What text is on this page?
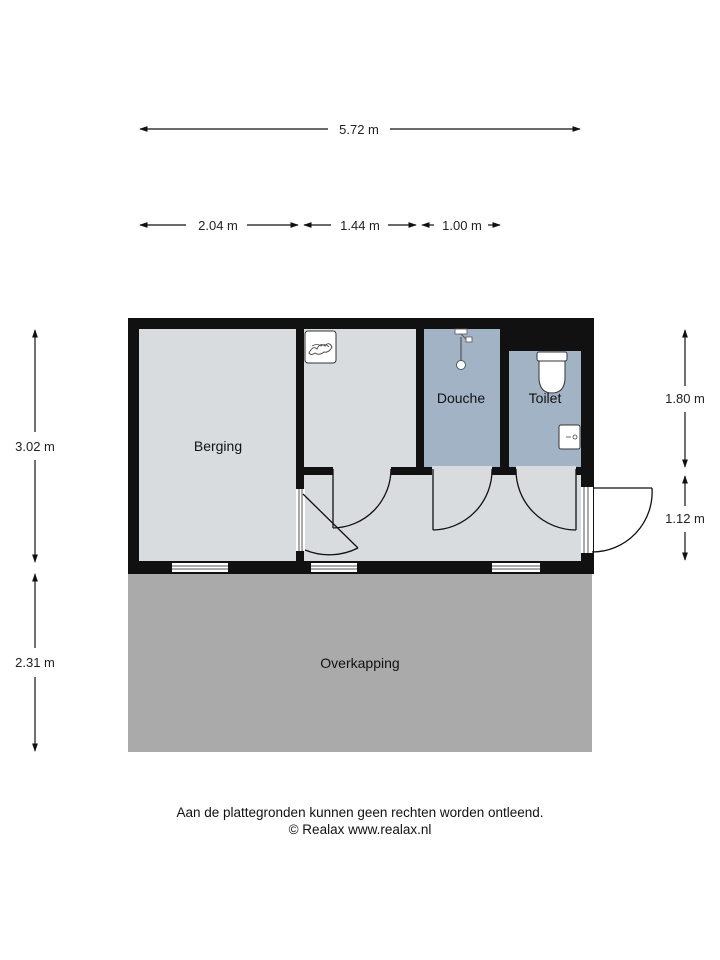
5.72 m
2.04 m	1.44 m	1.00 m
3.02 m
2.31 m
1.80 m
1.12 m
Berging
Douche	Toilet
Overkapping
Aan de plattegronden kunnen geen rechten worden ontleend.
© Realax www.realax.nl
